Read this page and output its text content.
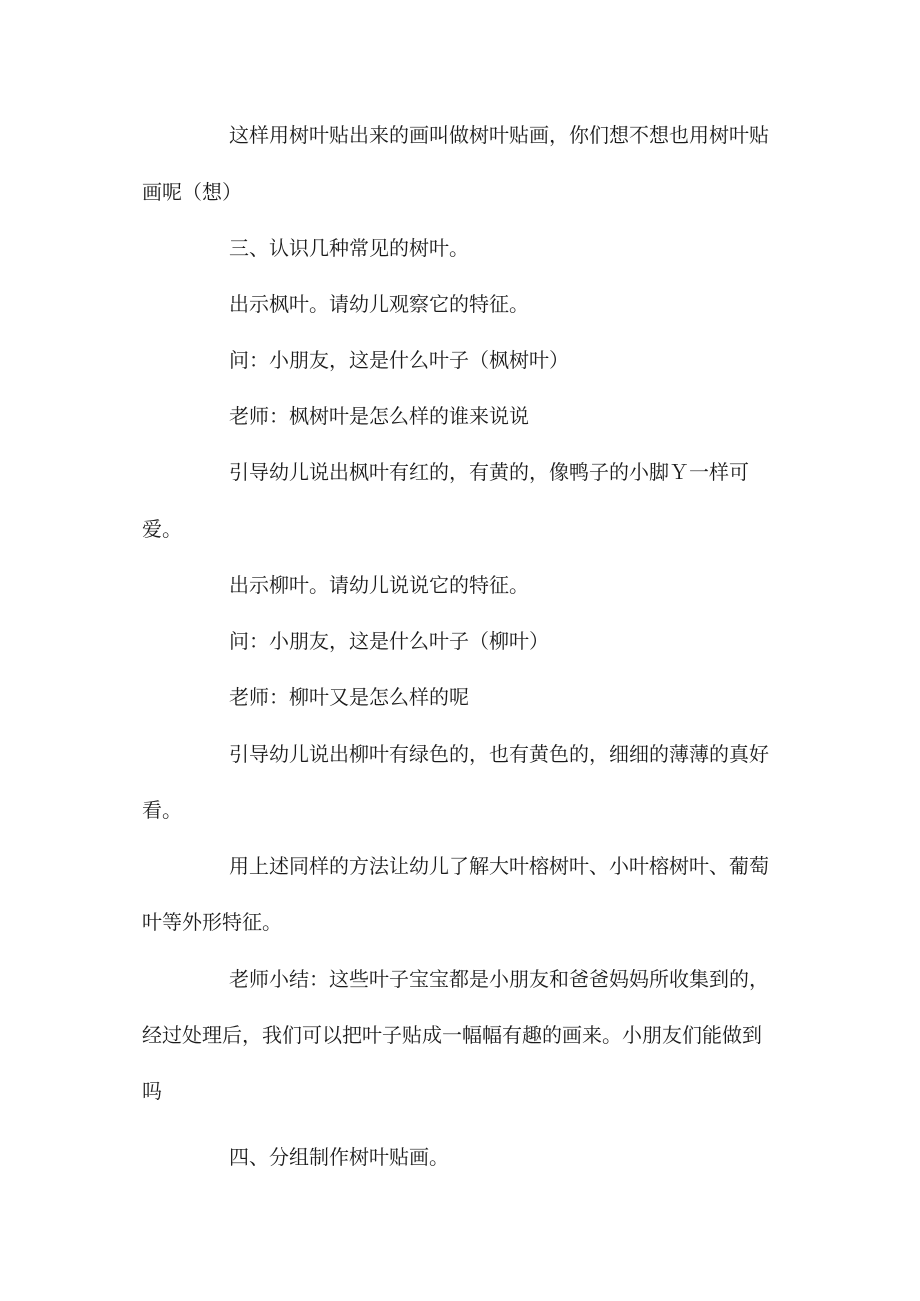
这样用树叶贴出来的画叫做树叶贴画，你们想不想也用树叶贴
画呢（想）
三、认识几种常见的树叶。
出示枫叶。请幼儿观察它的特征。
问：小朋友，这是什么叶子（枫树叶）
老师：枫树叶是怎么样的谁来说说
引导幼儿说出枫叶有红的，有黄的，像鸭子的小脚Ｙ一样可
爱。
出示柳叶。请幼儿说说它的特征。
问：小朋友，这是什么叶子（柳叶）
老师：柳叶又是怎么样的呢
引导幼儿说出柳叶有绿色的，也有黄色的，细细的薄薄的真好
看。
用上述同样的方法让幼儿了解大叶榕树叶、小叶榕树叶、葡萄
叶等外形特征。
老师小结：这些叶子宝宝都是小朋友和爸爸妈妈所收集到的，
经过处理后，我们可以把叶子贴成一幅幅有趣的画来。小朋友们能做到
吗
四、分组制作树叶贴画。
